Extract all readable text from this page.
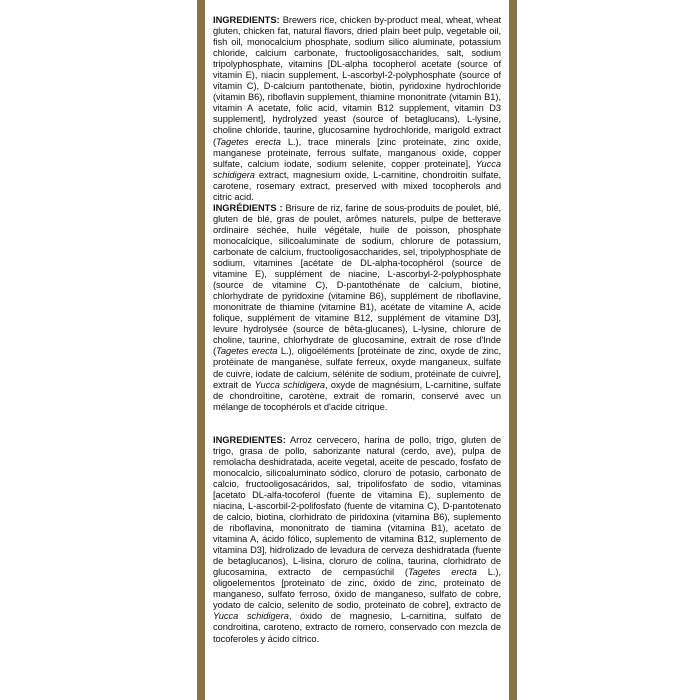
INGREDIENTS: Brewers rice, chicken by-product meal, wheat, wheat gluten, chicken fat, natural flavors, dried plain beet pulp, vegetable oil, fish oil, monocalcium phosphate, sodium silico aluminate, potassium chloride, calcium carbonate, fructooligosaccharides, salt, sodium tripolyphosphate, vitamins [DL-alpha tocopherol acetate (source of vitamin E), niacin supplement, L-ascorbyl-2-polyphosphate (source of vitamin C), D-calcium pantothenate, biotin, pyridoxine hydrochloride (vitamin B6), riboflavin supplement, thiamine mononitrate (vitamin B1), vitamin A acetate, folic acid, vitamin B12 supplement, vitamin D3 supplement], hydrolyzed yeast (source of betaglucans), L-lysine, choline chloride, taurine, glucosamine hydrochloride, marigold extract (Tagetes erecta L.), trace minerals [zinc proteinate, zinc oxide, manganese proteinate, ferrous sulfate, manganous oxide, copper sulfate, calcium iodate, sodium selenite, copper proteinate], Yucca schidigera extract, magnesium oxide, L-carnitine, chondroitin sulfate, carotene, rosemary extract, preserved with mixed tocopherols and citric acid.

INGRÉDIENTS : Brisure de riz, farine de sous-produits de poulet, blé, gluten de blé, gras de poulet, arômes naturels, pulpe de betterave ordinaire séchée, huile végétale, huile de poisson, phosphate monocalcique, silicoaluminate de sodium, chlorure de potassium, carbonate de calcium, fructooligosaccharides, sel, tripolyphosphate de sodium, vitamines [acétate de DL-alpha-tocophérol (source de vitamine E), supplément de niacine, L-ascorbyl-2-polyphosphate (source de vitamine C), D-pantothénate de calcium, biotine, chlorhydrate de pyridoxine (vitamine B6), supplément de riboflavine, mononitrate de thiamine (vitamine B1), acétate de vitamine A, acide folique, supplément de vitamine B12, supplément de vitamine D3], levure hydrolysée (source de bêta-glucanes), L-lysine, chlorure de choline, taurine, chlorhydrate de glucosamine, extrait de rose d'Inde (Tagetes erecta L.), oligoéléments [protéinate de zinc, oxyde de zinc, protéinate de manganèse, sulfate ferreux, oxyde manganeux, sulfate de cuivre, iodate de calcium, sélénite de sodium, protéinate de cuivre], extrait de Yucca schidigera, oxyde de magnésium, L-carnitine, sulfate de chondroïtine, carotène, extrait de romarin, conservé avec un mélange de tocophérols et d'acide citrique.

INGREDIENTES: Arroz cervecero, harina de pollo, trigo, gluten de trigo, grasa de pollo, saborizante natural (cerdo, ave), pulpa de remolacha deshidratada, aceite vegetal, aceite de pescado, fosfato de monocalcio, silicoaluminato sódico, cloruro de potasio, carbonato de calcio, fructooligosacáridos, sal, tripolifosfato de sodio, vitaminas [acetato DL-alfa-tocoferol (fuente de vitamina E), suplemento de niacina, L-ascorbil-2-polifosfato (fuente de vitamina C), D-pantotenato de calcio, biotina, clorhidrato de piridoxina (vitamina B6), suplemento de riboflavina, mononitrato de tiamina (vitamina B1), acetato de vitamina A, ácido fólico, suplemento de vitamina B12, suplemento de vitamina D3], hidrolizado de levadura de cerveza deshidratada (fuente de betaglucanos), L-lisina, cloruro de colina, taurina, clorhidrato de glucosamina, extracto de cempasúchil (Tagetes erecta L.), oligoelementos [proteinato de zinc, óxido de zinc, proteinato de manganeso, sulfato ferroso, óxido de manganeso, sulfato de cobre, yodato de calcio, selenito de sodio, proteinato de cobre], extracto de Yucca schidigera, óxido de magnesio, L-carnitina, sulfato de condroitina, caroteno, extracto de romero, conservado con mezcla de tocoferoles y ácido cítrico.
